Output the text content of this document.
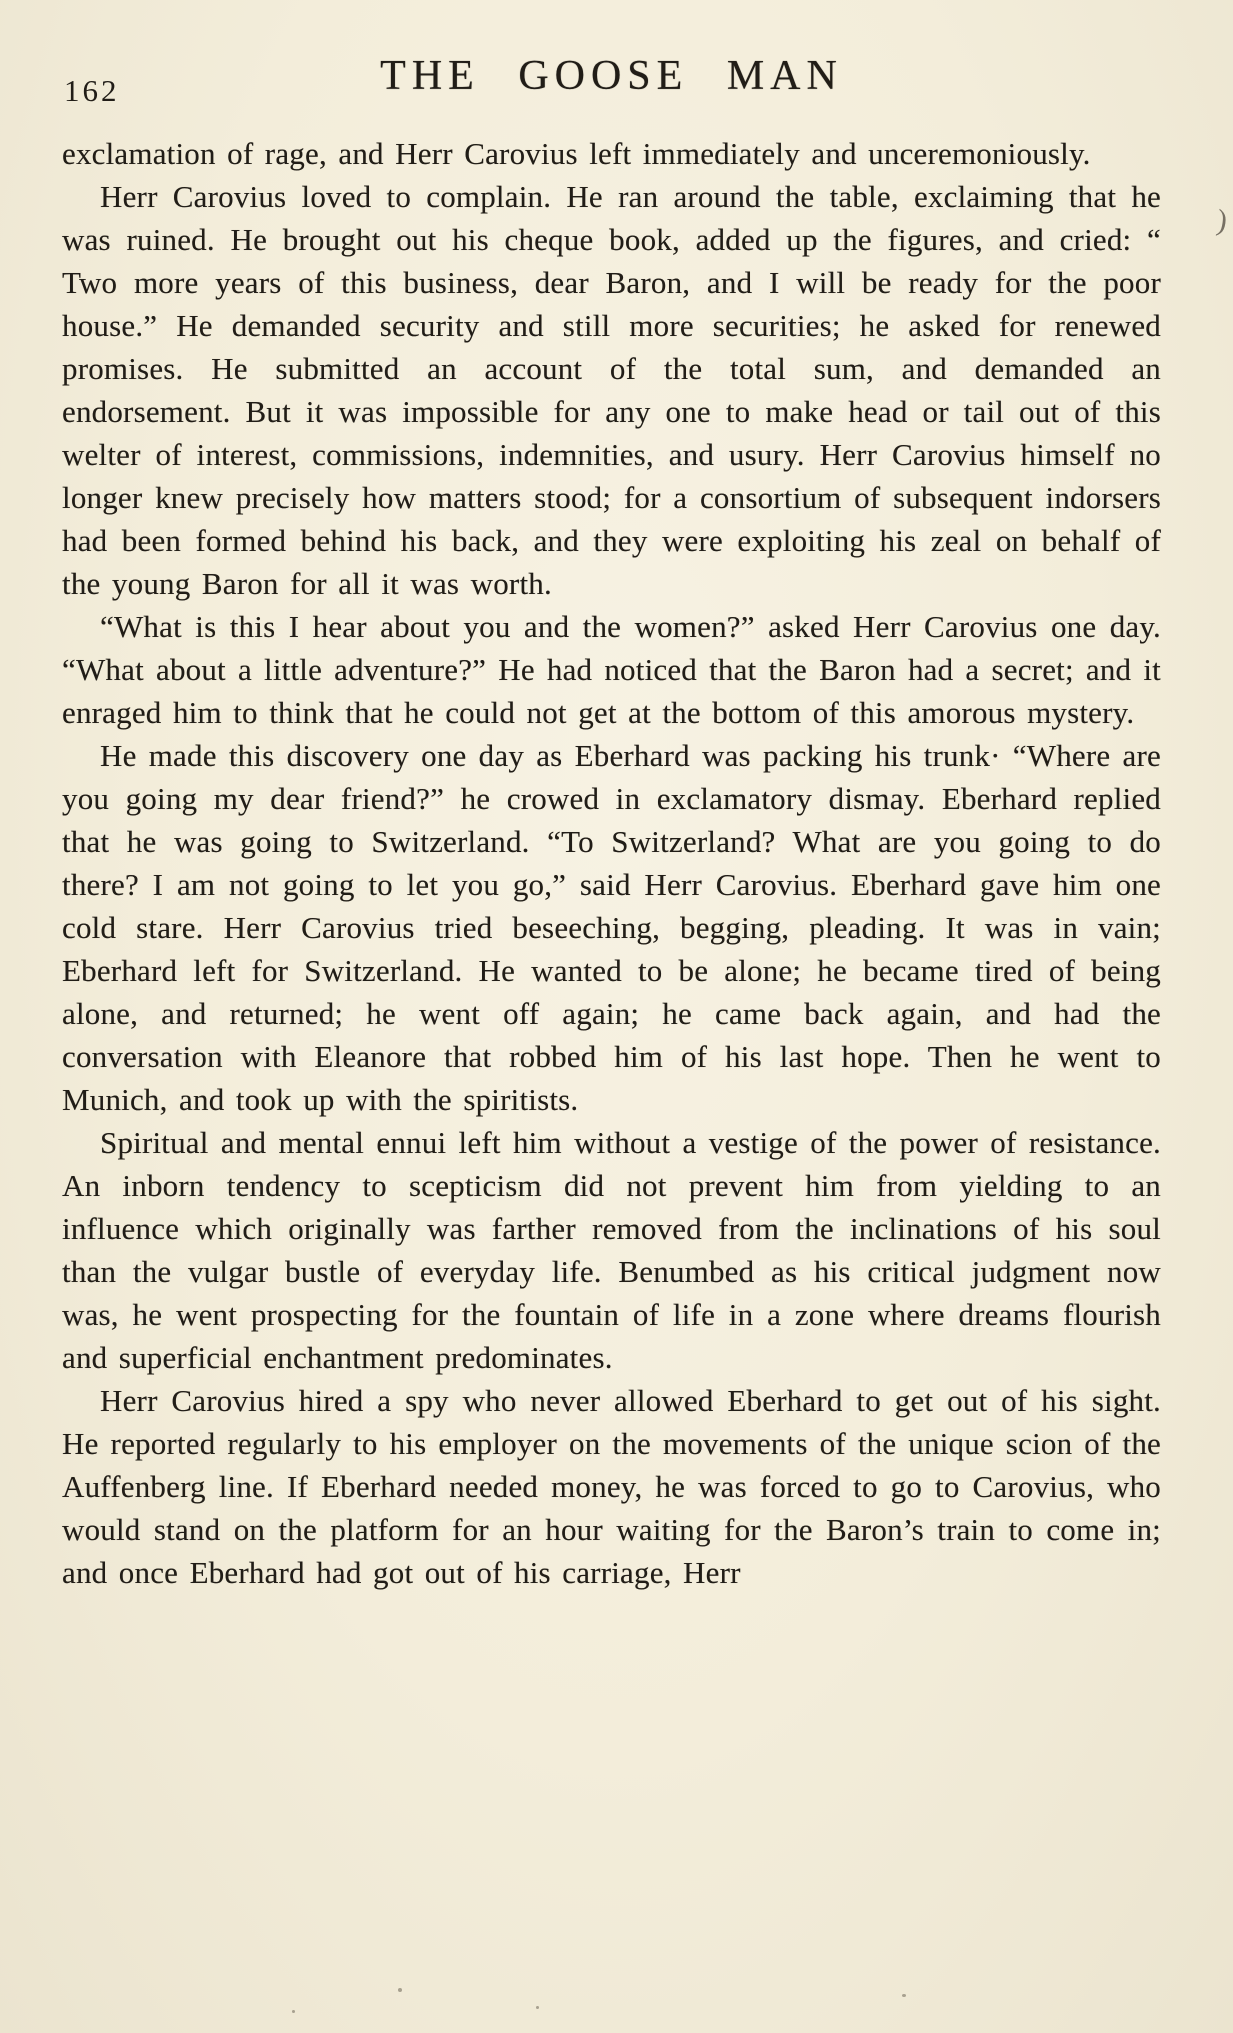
162	THE GOOSE MAN

exclamation of rage, and Herr Carovius left immediately and unceremoniously.

Herr Carovius loved to complain. He ran around the table, exclaiming that he was ruined. He brought out his cheque book, added up the figures, and cried: “ Two more years of this business, dear Baron, and I will be ready for the poor house.” He demanded security and still more securities; he asked for renewed promises. He submitted an account of the total sum, and demanded an endorsement. But it was impossible for any one to make head or tail out of this welter of interest, commissions, indemnities, and usury. Herr Carovius himself no longer knew precisely how matters stood; for a consortium of subsequent indorsers had been formed behind his back, and they were exploiting his zeal on behalf of the young Baron for all it was worth.

“What is this I hear about you and the women?” asked Herr Carovius one day. “What about a little adventure?” He had noticed that the Baron had a secret; and it enraged him to think that he could not get at the bottom of this amorous mystery.

He made this discovery one day as Eberhard was packing his trunk· “Where are you going my dear friend?” he crowed in exclamatory dismay. Eberhard replied that he was going to Switzerland. “To Switzerland? What are you going to do there? I am not going to let you go,” said Herr Carovius. Eberhard gave him one cold stare. Herr Carovius tried beseeching, begging, pleading. It was in vain; Eberhard left for Switzerland. He wanted to be alone; he became tired of being alone, and returned; he went off again; he came back again, and had the conversation with Eleanore that robbed him of his last hope. Then he went to Munich, and took up with the spiritists.

Spiritual and mental ennui left him without a vestige of the power of resistance. An inborn tendency to scepticism did not prevent him from yielding to an influence which originally was farther removed from the inclinations of his soul than the vulgar bustle of everyday life. Benumbed as his critical judgment now was, he went prospecting for the fountain of life in a zone where dreams flourish and superficial enchantment predominates.

Herr Carovius hired a spy who never allowed Eberhard to get out of his sight. He reported regularly to his employer on the movements of the unique scion of the Auffenberg line. If Eberhard needed money, he was forced to go to Carovius, who would stand on the platform for an hour waiting for the Baron’s train to come in; and once Eberhard had got out of his carriage, Herr

)
